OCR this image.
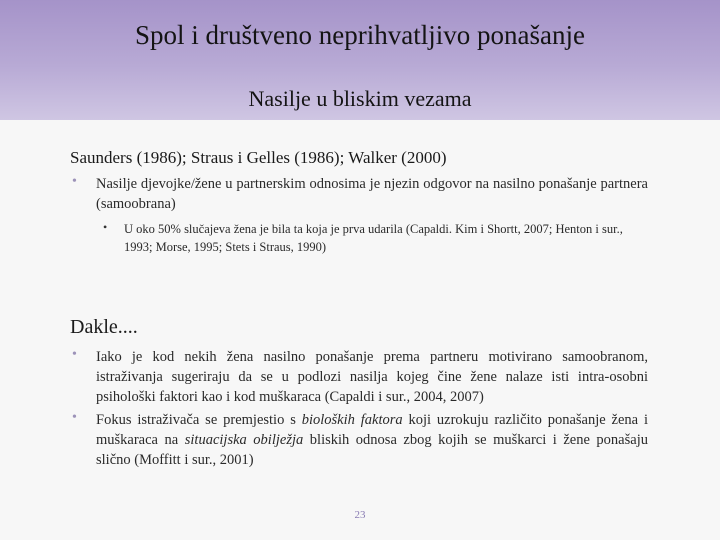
Spol i društveno neprihvatljivo ponašanje
Nasilje u bliskim vezama
Saunders (1986); Straus i Gelles (1986); Walker (2000)
• Nasilje djevojke/žene u partnerskim odnosima je njezin odgovor na nasilno ponašanje partnera (samoobrana)
• U oko 50% slučajeva žena je bila ta koja je prva udarila (Capaldi. Kim i Shortt, 2007; Henton i sur., 1993; Morse, 1995; Stets i Straus, 1990)
Dakle....
• Iako je kod nekih žena nasilno ponašanje prema partneru motivirano samoobranom, istraživanja sugeriraju da se u podlozi nasilja kojeg čine žene nalaze isti intra-osobni psihološki faktori kao i kod muškaraca (Capaldi i sur., 2004, 2007)
• Fokus istraživača se premjestio s bioloških faktora koji uzrokuju različito ponašanje žena i muškaraca na situacijska obilježja bliskih odnosa zbog kojih se muškarci i žene ponašaju slično (Moffitt i sur., 2001)
23
